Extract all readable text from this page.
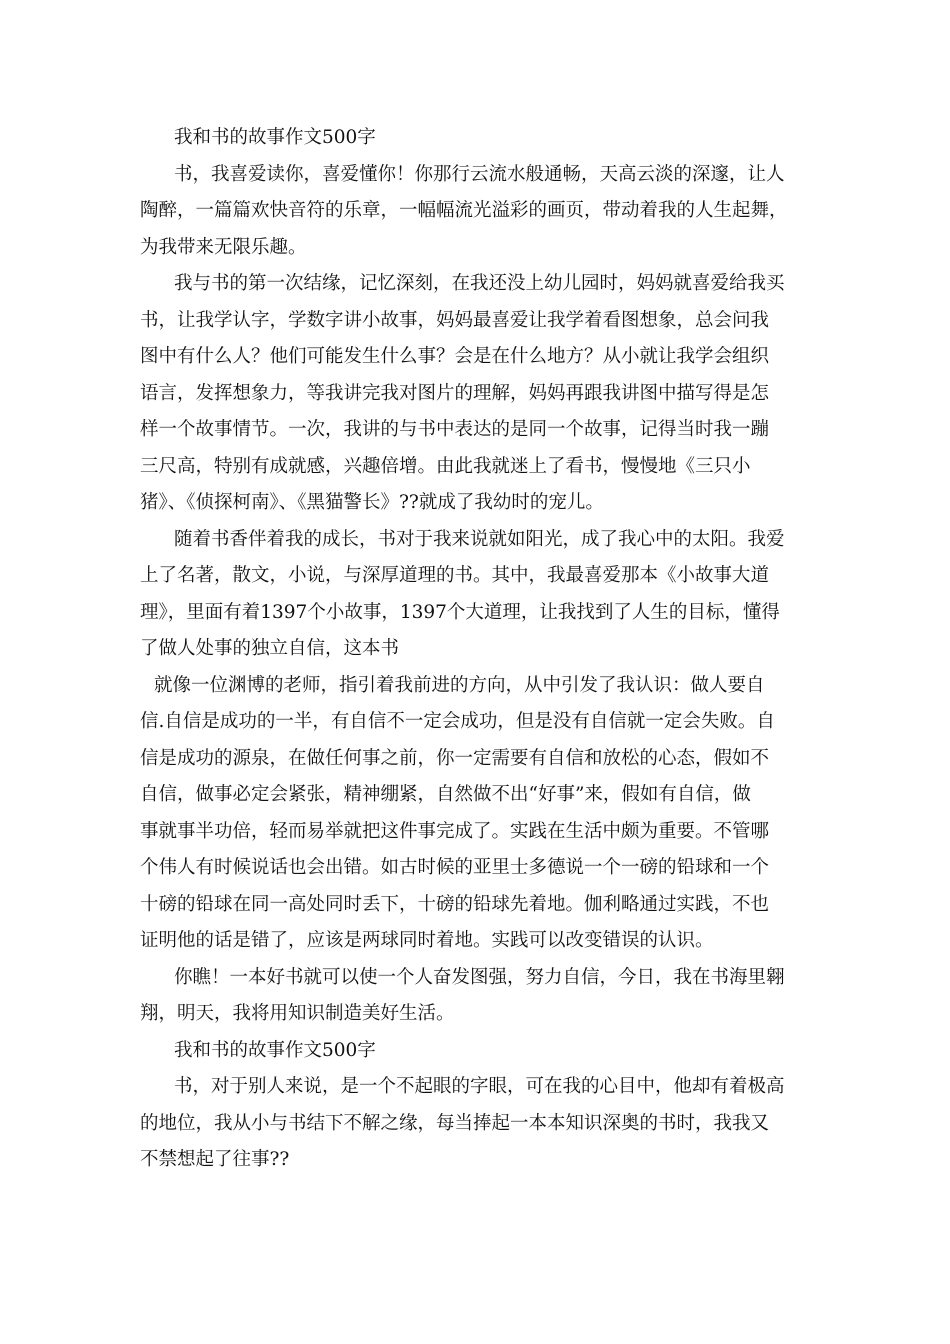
我和书的故事作文500字
书，我喜爱读你，喜爱懂你！你那行云流水般通畅，天高云淡的深邃，让人
陶醉，一篇篇欢快音符的乐章，一幅幅流光溢彩的画页，带动着我的人生起舞，
为我带来无限乐趣。
我与书的第一次结缘，记忆深刻，在我还没上幼儿园时，妈妈就喜爱给我买
书，让我学认字，学数字讲小故事，妈妈最喜爱让我学着看图想象，总会问我
图中有什么人？他们可能发生什么事？会是在什么地方？从小就让我学会组织
语言，发挥想象力，等我讲完我对图片的理解，妈妈再跟我讲图中描写得是怎
样一个故事情节。一次，我讲的与书中表达的是同一个故事，记得当时我一蹦
三尺高，特别有成就感，兴趣倍增。由此我就迷上了看书，慢慢地《三只小
猪》、《侦探柯南》、《黑猫警长》??就成了我幼时的宠儿。
随着书香伴着我的成长，书对于我来说就如阳光，成了我心中的太阳。我爱
上了名著，散文，小说，与深厚道理的书。其中，我最喜爱那本《小故事大道
理》，里面有着1397个小故事，1397个大道理，让我找到了人生的目标，懂得
了做人处事的独立自信，这本书
就像一位渊博的老师，指引着我前进的方向，从中引发了我认识：做人要自
信.自信是成功的一半，有自信不一定会成功，但是没有自信就一定会失败。自
信是成功的源泉，在做任何事之前，你一定需要有自信和放松的心态，假如不
自信，做事必定会紧张，精神绷紧，自然做不出“好事”来，假如有自信，做
事就事半功倍，轻而易举就把这件事完成了。实践在生活中颇为重要。不管哪
个伟人有时候说话也会出错。如古时候的亚里士多德说一个一磅的铅球和一个
十磅的铅球在同一高处同时丢下，十磅的铅球先着地。伽利略通过实践，不也
证明他的话是错了，应该是两球同时着地。实践可以改变错误的认识。
你瞧！一本好书就可以使一个人奋发图强，努力自信，今日，我在书海里翱
翔，明天，我将用知识制造美好生活。
我和书的故事作文500字
书，对于别人来说，是一个不起眼的字眼，可在我的心目中，他却有着极高
的地位，我从小与书结下不解之缘，每当捧起一本本知识深奥的书时，我我又
不禁想起了往事??
